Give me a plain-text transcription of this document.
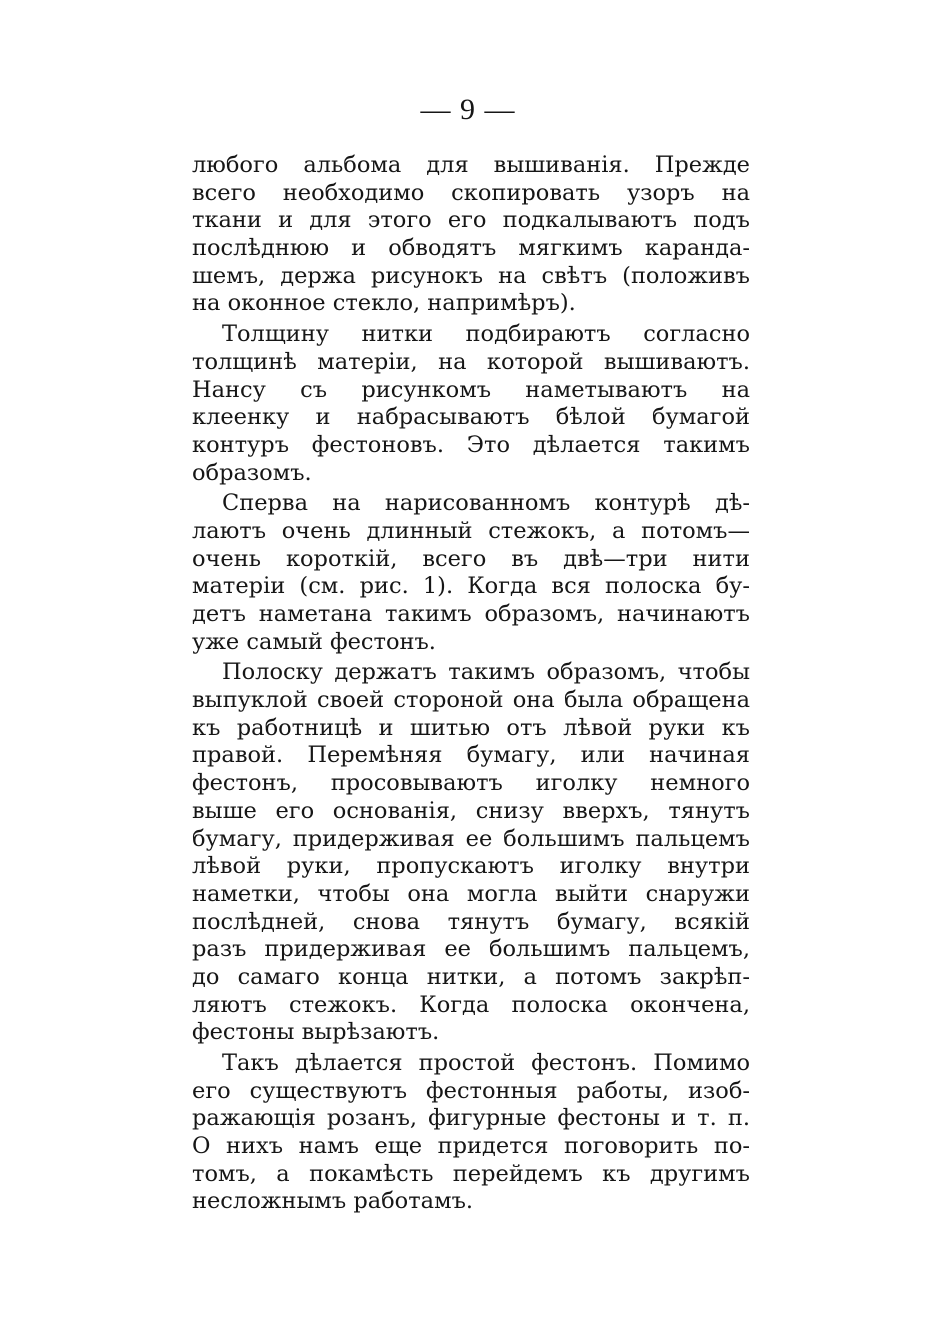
— 9 —
любого альбома для вышиванія. Прежде
всего необходимо скопировать узоръ на
ткани и для этого его подкалываютъ подъ
послѣднюю и обводятъ мягкимъ каранда-
шемъ, держа рисунокъ на свѣтъ (положивъ
на оконное стекло, напримѣръ).
Толщину нитки подбираютъ согласно
толщинѣ матеріи, на которой вышиваютъ.
Нансу съ рисункомъ наметываютъ на
клеенку и набрасываютъ бѣлой бумагой
контуръ фестоновъ. Это дѣлается такимъ
образомъ.
Сперва на нарисованномъ контурѣ дѣ-
лаютъ очень длинный стежокъ, а потомъ—
очень короткій, всего въ двѣ—три нити
матеріи (см. рис. 1). Когда вся полоска бу-
детъ наметана такимъ образомъ, начинаютъ
уже самый фестонъ.
Полоску держатъ такимъ образомъ, чтобы
выпуклой своей стороной она была обращена
къ работницѣ и шитью отъ лѣвой руки къ
правой. Перемѣняя бумагу, или начиная
фестонъ, просовываютъ иголку немного
выше его основанія, снизу вверхъ, тянутъ
бумагу, придерживая ее большимъ пальцемъ
лѣвой руки, пропускаютъ иголку внутри
наметки, чтобы она могла выйти снаружи
послѣдней, снова тянутъ бумагу, всякій
разъ придерживая ее большимъ пальцемъ,
до самаго конца нитки, а потомъ закрѣп-
ляютъ стежокъ. Когда полоска окончена,
фестоны вырѣзаютъ.
Такъ дѣлается простой фестонъ. Помимо
его существуютъ фестонныя работы, изоб-
ражающія розанъ, фигурные фестоны и т. п.
О нихъ намъ еще придется поговорить по-
томъ, а покамѣсть перейдемъ къ другимъ
несложнымъ работамъ.
